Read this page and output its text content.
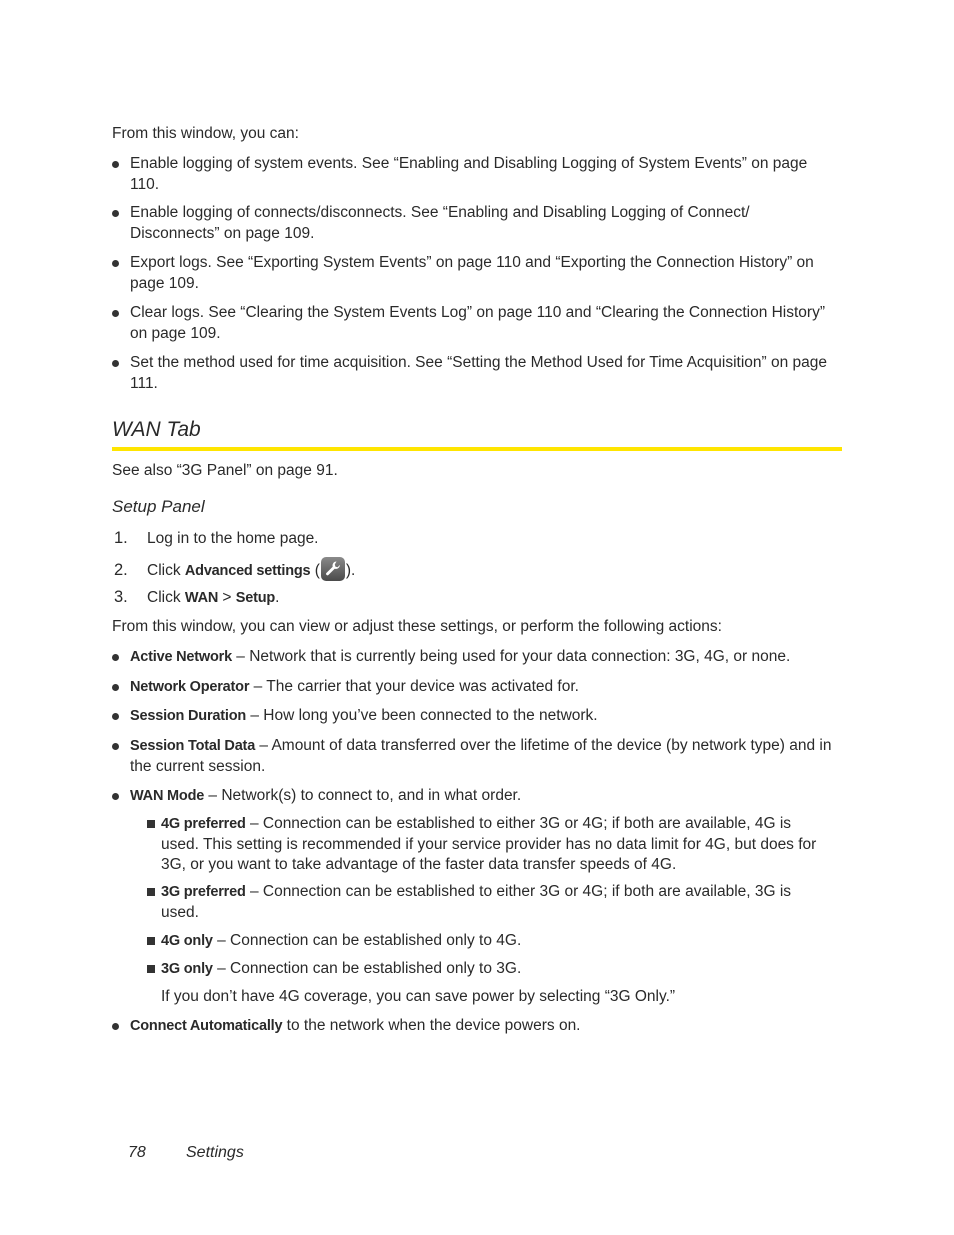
From this window, you can:
Enable logging of system events. See “Enabling and Disabling Logging of System Events” on page 110.
Enable logging of connects/disconnects. See “Enabling and Disabling Logging of Connect/ Disconnects” on page 109.
Export logs. See “Exporting System Events” on page 110 and “Exporting the Connection History” on page 109.
Clear logs. See “Clearing the System Events Log” on page 110 and “Clearing the Connection History” on page 109.
Set the method used for time acquisition. See “Setting the Method Used for Time Acquisition” on page 111.
WAN Tab
See also “3G Panel” on page 91.
Setup Panel
1. Log in to the home page.
2. Click Advanced settings ( ).
3. Click WAN > Setup.
From this window, you can view or adjust these settings, or perform the following actions:
Active Network – Network that is currently being used for your data connection: 3G, 4G, or none.
Network Operator – The carrier that your device was activated for.
Session Duration – How long you’ve been connected to the network.
Session Total Data – Amount of data transferred over the lifetime of the device (by network type) and in the current session.
WAN Mode – Network(s) to connect to, and in what order.
4G preferred – Connection can be established to either 3G or 4G; if both are available, 4G is used. This setting is recommended if your service provider has no data limit for 4G, but does for 3G, or you want to take advantage of the faster data transfer speeds of 4G.
3G preferred – Connection can be established to either 3G or 4G; if both are available, 3G is used.
4G only – Connection can be established only to 4G.
3G only – Connection can be established only to 3G.
If you don’t have 4G coverage, you can save power by selecting “3G Only.”
Connect Automatically to the network when the device powers on.
78	Settings
